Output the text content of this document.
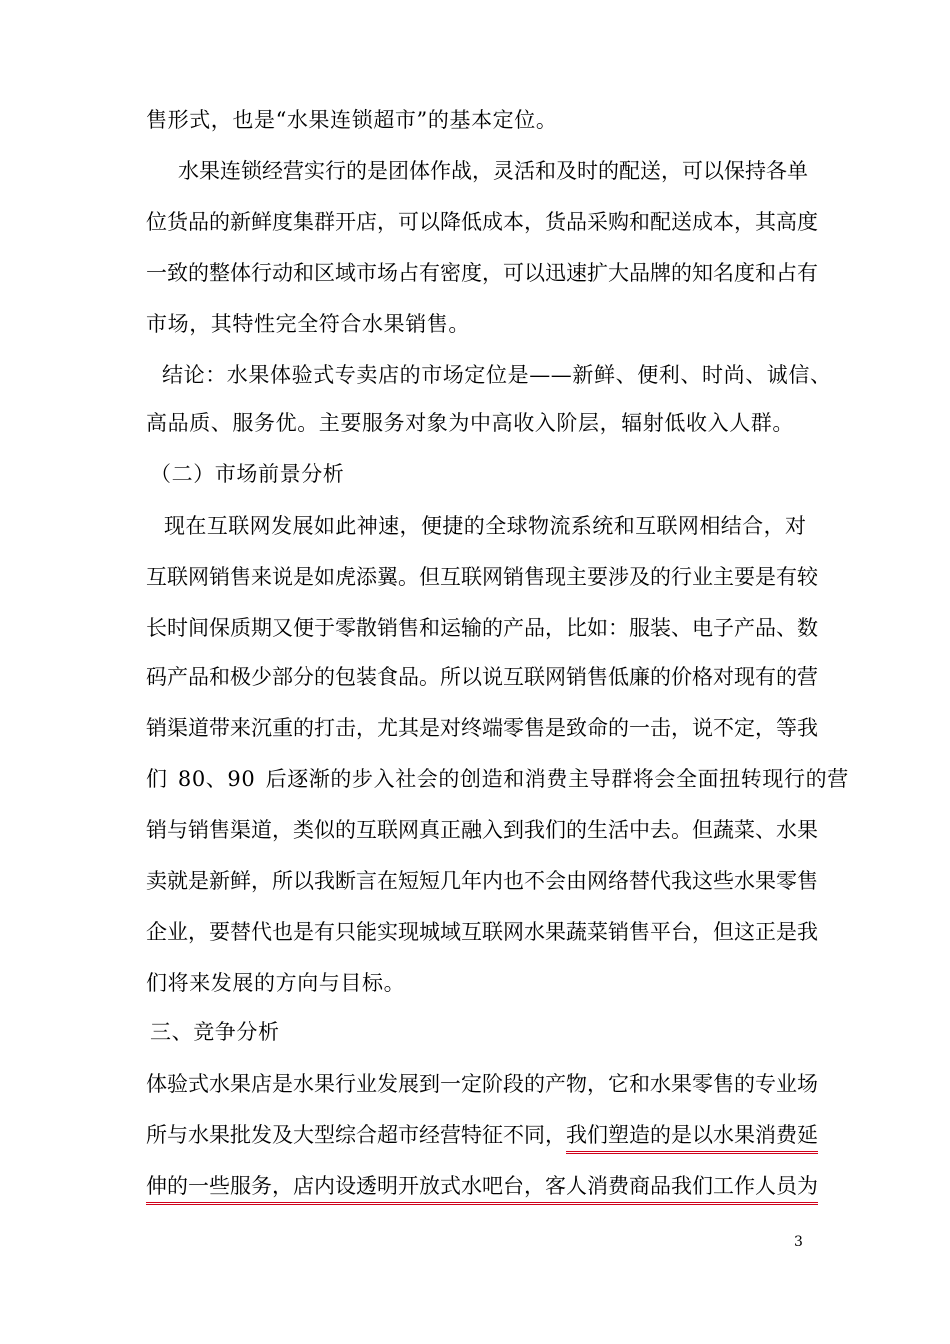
售形式，也是“水果连锁超市”的基本定位。
水果连锁经营实行的是团体作战，灵活和及时的配送，可以保持各单
位货品的新鲜度集群开店，可以降低成本，货品采购和配送成本，其高度
一致的整体行动和区域市场占有密度，可以迅速扩大品牌的知名度和占有
市场，其特性完全符合水果销售。
结论：水果体验式专卖店的市场定位是——新鲜、便利、时尚、诚信、
高品质、服务优。主要服务对象为中高收入阶层，辐射低收入人群。
（二）市场前景分析
现在互联网发展如此神速，便捷的全球物流系统和互联网相结合，对
互联网销售来说是如虎添翼。但互联网销售现主要涉及的行业主要是有较
长时间保质期又便于零散销售和运输的产品，比如：服装、电子产品、数
码产品和极少部分的包装食品。所以说互联网销售低廉的价格对现有的营
销渠道带来沉重的打击，尤其是对终端零售是致命的一击，说不定，等我
们 80、90 后逐渐的步入社会的创造和消费主导群将会全面扭转现行的营
销与销售渠道，类似的互联网真正融入到我们的生活中去。但蔬菜、水果
卖就是新鲜，所以我断言在短短几年内也不会由网络替代我这些水果零售
企业，要替代也是有只能实现城域互联网水果蔬菜销售平台，但这正是我
们将来发展的方向与目标。
三、竞争分析
体验式水果店是水果行业发展到一定阶段的产物，它和水果零售的专业场
所与水果批发及大型综合超市经营特征不同，我们塑造的是以水果消费延
伸的一些服务，店内设透明开放式水吧台，客人消费商品我们工作人员为
3
